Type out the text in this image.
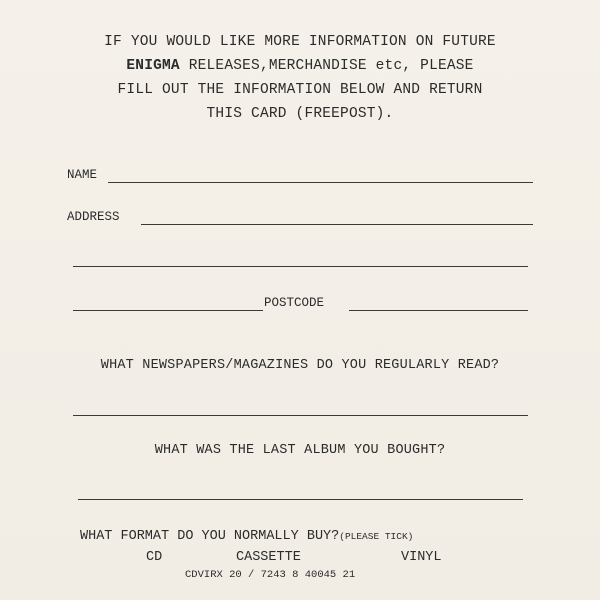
IF YOU WOULD LIKE MORE INFORMATION ON FUTURE
ENIGMA RELEASES,MERCHANDISE etc, PLEASE
FILL OUT THE INFORMATION BELOW AND RETURN
THIS CARD (FREEPOST).
NAME
ADDRESS
POSTCODE
WHAT NEWSPAPERS/MAGAZINES DO YOU REGULARLY READ?
WHAT WAS THE LAST ALBUM YOU BOUGHT?
WHAT FORMAT DO YOU NORMALLY BUY?(PLEASE TICK)
CD	CASSETTE	VINYL
CDVIRX 20 / 7243 8 40045 21
